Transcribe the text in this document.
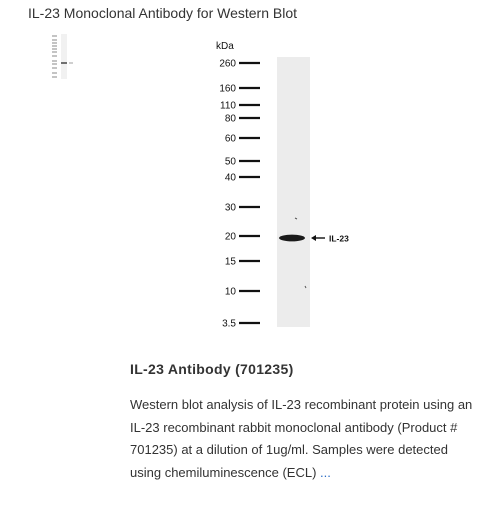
IL-23 Monoclonal Antibody for Western Blot
kDa
260
160
110
80
60
50
40
30
20
15
10
3.5
IL-23
IL-23 Antibody (701235)
Western blot analysis of IL-23 recombinant protein using an IL-23 recombinant rabbit monoclonal antibody (Product # 701235) at a dilution of 1ug/ml. Samples were detected using chemiluminescence (ECL) ...
